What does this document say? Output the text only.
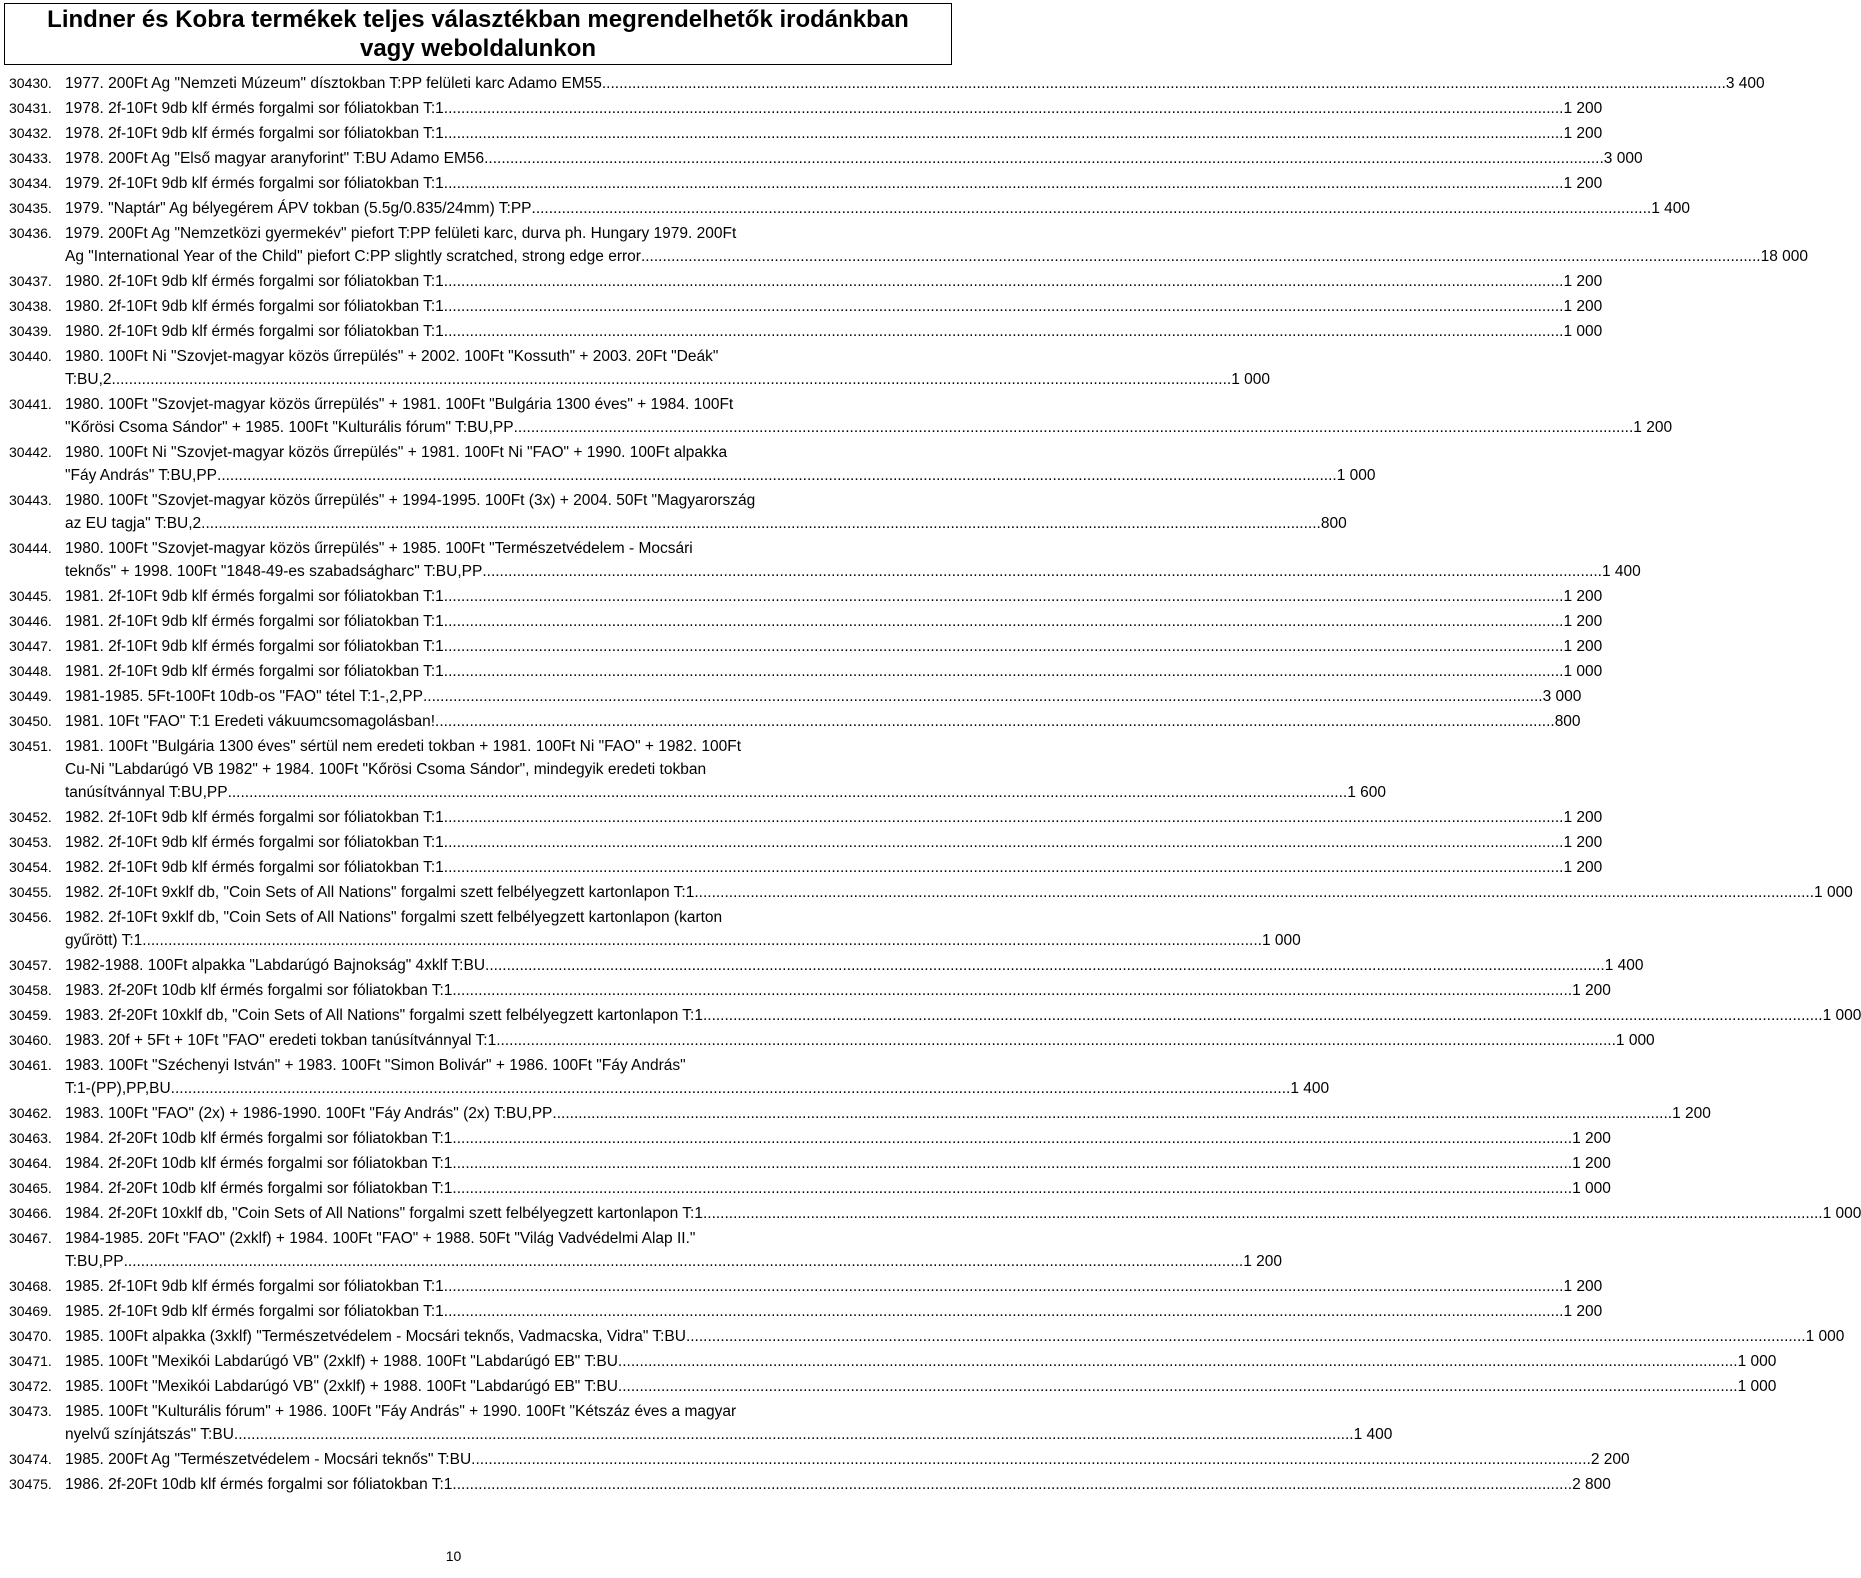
Lindner és Kobra termékek teljes választékban megrendelhetők irodánkban
vagy weboldalunkon
30430. 1977. 200Ft Ag "Nemzeti Múzeum" dísztokban T:PP felületi karc Adamo EM55. .................................................................................................................................................................................................................................................................... 3 400
30431. 1978. 2f-10Ft 9db klf érmés forgalmi sor fóliatokban T:1 .................................................................................................................................................................................................................................................................... 1 200
30432. 1978. 2f-10Ft 9db klf érmés forgalmi sor fóliatokban T:1 .................................................................................................................................................................................................................................................................... 1 200
30433. 1978. 200Ft Ag "Első magyar aranyforint" T:BU Adamo EM56 .................................................................................................................................................................................................................................................................... 3 000
30434. 1979. 2f-10Ft 9db klf érmés forgalmi sor fóliatokban T:1 .................................................................................................................................................................................................................................................................... 1 200
30435. 1979. "Naptár" Ag bélyegérem ÁPV tokban (5.5g/0.835/24mm) T:PP .................................................................................................................................................................................................................................................................... 1 400
30436. 1979. 200Ft Ag "Nemzetközi gyermekév" piefort T:PP felületi karc, durva ph. Hungary 1979. 200Ft
Ag "International Year of the Child" piefort C:PP slightly scratched, strong edge error .................................................................................................................................................................................................................................................................... 18 000
30437. 1980. 2f-10Ft 9db klf érmés forgalmi sor fóliatokban T:1 .................................................................................................................................................................................................................................................................... 1 200
30438. 1980. 2f-10Ft 9db klf érmés forgalmi sor fóliatokban T:1 .................................................................................................................................................................................................................................................................... 1 200
30439. 1980. 2f-10Ft 9db klf érmés forgalmi sor fóliatokban T:1 .................................................................................................................................................................................................................................................................... 1 000
30440. 1980. 100Ft Ni "Szovjet-magyar közös űrrepülés" + 2002. 100Ft "Kossuth" + 2003. 20Ft "Deák"
T:BU,2 .................................................................................................................................................................................................................................................................... 1 000
30441. 1980. 100Ft "Szovjet-magyar közös űrrepülés" + 1981. 100Ft "Bulgária 1300 éves" + 1984. 100Ft
"Kőrösi Csoma Sándor" + 1985. 100Ft "Kulturális fórum" T:BU,PP .................................................................................................................................................................................................................................................................... 1 200
30442. 1980. 100Ft Ni "Szovjet-magyar közös űrrepülés" + 1981. 100Ft Ni "FAO" + 1990. 100Ft alpakka
"Fáy András" T:BU,PP .................................................................................................................................................................................................................................................................... 1 000
30443. 1980. 100Ft "Szovjet-magyar közös űrrepülés" + 1994-1995. 100Ft (3x) + 2004. 50Ft "Magyarország
az EU tagja" T:BU,2 .................................................................................................................................................................................................................................................................... 800
30444. 1980. 100Ft "Szovjet-magyar közös űrrepülés" + 1985. 100Ft "Természetvédelem - Mocsári
teknős" + 1998. 100Ft "1848-49-es szabadságharc" T:BU,PP .................................................................................................................................................................................................................................................................... 1 400
30445. 1981. 2f-10Ft 9db klf érmés forgalmi sor fóliatokban T:1 .................................................................................................................................................................................................................................................................... 1 200
30446. 1981. 2f-10Ft 9db klf érmés forgalmi sor fóliatokban T:1 .................................................................................................................................................................................................................................................................... 1 200
30447. 1981. 2f-10Ft 9db klf érmés forgalmi sor fóliatokban T:1 .................................................................................................................................................................................................................................................................... 1 200
30448. 1981. 2f-10Ft 9db klf érmés forgalmi sor fóliatokban T:1 .................................................................................................................................................................................................................................................................... 1 000
30449. 1981-1985. 5Ft-100Ft 10db-os "FAO" tétel T:1-,2,PP .................................................................................................................................................................................................................................................................... 3 000
30450. 1981. 10Ft "FAO" T:1 Eredeti vákuumcsomagolásban! .................................................................................................................................................................................................................................................................... 800
30451. 1981. 100Ft "Bulgária 1300 éves" sértül nem eredeti tokban + 1981. 100Ft Ni "FAO" + 1982. 100Ft
Cu-Ni "Labdarúgó VB 1982" + 1984. 100Ft "Kőrösi Csoma Sándor", mindegyik eredeti tokban
tanúsítvánnyal T:BU,PP .................................................................................................................................................................................................................................................................... 1 600
30452. 1982. 2f-10Ft 9db klf érmés forgalmi sor fóliatokban T:1 .................................................................................................................................................................................................................................................................... 1 200
30453. 1982. 2f-10Ft 9db klf érmés forgalmi sor fóliatokban T:1 .................................................................................................................................................................................................................................................................... 1 200
30454. 1982. 2f-10Ft 9db klf érmés forgalmi sor fóliatokban T:1 .................................................................................................................................................................................................................................................................... 1 200
30455. 1982. 2f-10Ft 9xklf db, "Coin Sets of All Nations" forgalmi szett felbélyegzett kartonlapon T:1 .................................................................................................................................................................................................................................................................... 1 000
30456. 1982. 2f-10Ft 9xklf db, "Coin Sets of All Nations" forgalmi szett felbélyegzett kartonlapon (karton
gyűrött) T:1 .................................................................................................................................................................................................................................................................... 1 000
30457. 1982-1988. 100Ft alpakka "Labdarúgó Bajnokság" 4xklf T:BU .................................................................................................................................................................................................................................................................... 1 400
30458. 1983. 2f-20Ft 10db klf érmés forgalmi sor fóliatokban T:1 .................................................................................................................................................................................................................................................................... 1 200
30459. 1983. 2f-20Ft 10xklf db, "Coin Sets of All Nations" forgalmi szett felbélyegzett kartonlapon T:1 .................................................................................................................................................................................................................................................................... 1 000
30460. 1983. 20f + 5Ft + 10Ft "FAO" eredeti tokban tanúsítvánnyal T:1 .................................................................................................................................................................................................................................................................... 1 000
30461. 1983. 100Ft "Széchenyi István" + 1983. 100Ft "Simon Bolivár" + 1986. 100Ft "Fáy András"
T:1-(PP),PP,BU .................................................................................................................................................................................................................................................................... 1 400
30462. 1983. 100Ft "FAO" (2x) + 1986-1990. 100Ft "Fáy András" (2x) T:BU,PP .................................................................................................................................................................................................................................................................... 1 200
30463. 1984. 2f-20Ft 10db klf érmés forgalmi sor fóliatokban T:1 .................................................................................................................................................................................................................................................................... 1 200
30464. 1984. 2f-20Ft 10db klf érmés forgalmi sor fóliatokban T:1 .................................................................................................................................................................................................................................................................... 1 200
30465. 1984. 2f-20Ft 10db klf érmés forgalmi sor fóliatokban T:1 .................................................................................................................................................................................................................................................................... 1 000
30466. 1984. 2f-20Ft 10xklf db, "Coin Sets of All Nations" forgalmi szett felbélyegzett kartonlapon T:1 .................................................................................................................................................................................................................................................................... 1 000
30467. 1984-1985. 20Ft "FAO" (2xklf) + 1984. 100Ft "FAO" + 1988. 50Ft "Világ Vadvédelmi Alap II."
T:BU,PP .................................................................................................................................................................................................................................................................... 1 200
30468. 1985. 2f-10Ft 9db klf érmés forgalmi sor fóliatokban T:1 .................................................................................................................................................................................................................................................................... 1 200
30469. 1985. 2f-10Ft 9db klf érmés forgalmi sor fóliatokban T:1 .................................................................................................................................................................................................................................................................... 1 200
30470. 1985. 100Ft alpakka (3xklf) "Természetvédelem - Mocsári teknős, Vadmacska, Vidra" T:BU .................................................................................................................................................................................................................................................................... 1 000
30471. 1985. 100Ft "Mexikói Labdarúgó VB" (2xklf) + 1988. 100Ft "Labdarúgó EB" T:BU .................................................................................................................................................................................................................................................................... 1 000
30472. 1985. 100Ft "Mexikói Labdarúgó VB" (2xklf) + 1988. 100Ft "Labdarúgó EB" T:BU .................................................................................................................................................................................................................................................................... 1 000
30473. 1985. 100Ft "Kulturális fórum" + 1986. 100Ft "Fáy András" + 1990. 100Ft "Kétszáz éves a magyar
nyelvű színjátszás" T:BU .................................................................................................................................................................................................................................................................... 1 400
30474. 1985. 200Ft Ag "Természetvédelem - Mocsári teknős" T:BU .................................................................................................................................................................................................................................................................... 2 200
30475. 1986. 2f-20Ft 10db klf érmés forgalmi sor fóliatokban T:1 .................................................................................................................................................................................................................................................................... 2 800
10
